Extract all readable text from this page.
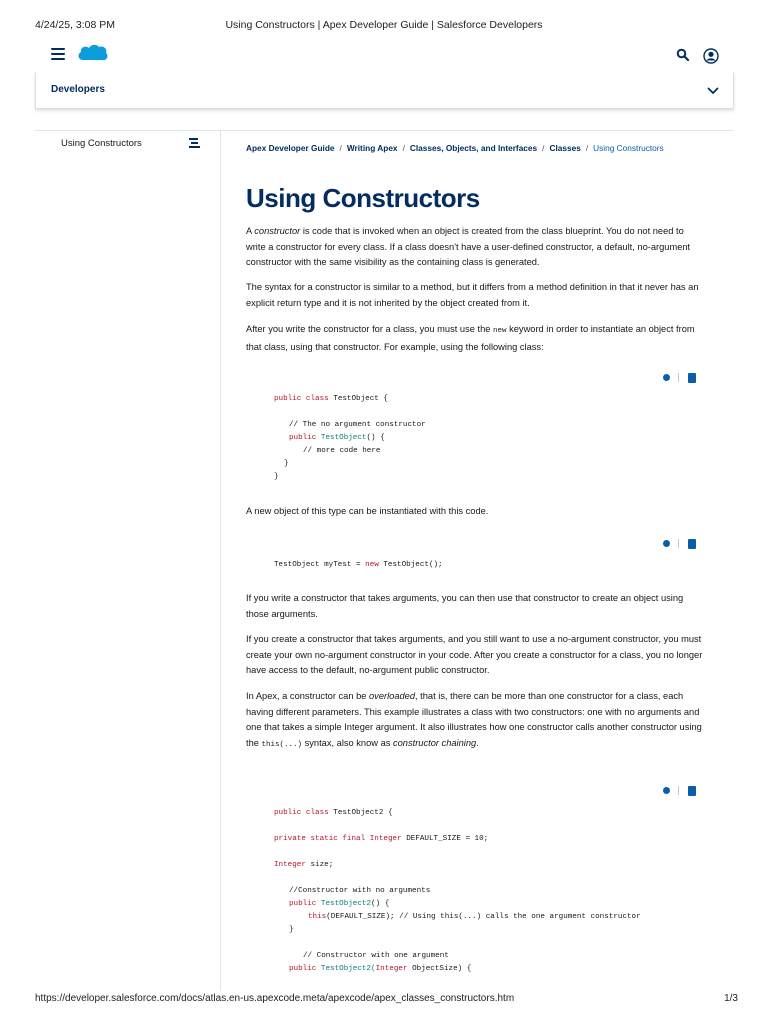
4/24/25, 3:08 PM	Using Constructors | Apex Developer Guide | Salesforce Developers
Developers
Using Constructors	Apex Developer Guide / Writing Apex / Classes, Objects, and Interfaces / Classes / Using Constructors
Using Constructors

A constructor is code that is invoked when an object is created from the class blueprint. You do not need to write a constructor for every class. If a class doesn't have a user-defined constructor, a default, no-argument constructor with the same visibility as the containing class is generated.

The syntax for a constructor is similar to a method, but it differs from a method definition in that it never has an explicit return type and it is not inherited by the object created from it.

After you write the constructor for a class, you must use the new keyword in order to instantiate an object from that class, using that constructor. For example, using the following class:

public class TestObject {
// The no argument constructor
public TestObject() {
// more code here
}
}

A new object of this type can be instantiated with this code.

TestObject myTest = new TestObject();

If you write a constructor that takes arguments, you can then use that constructor to create an object using those arguments.

If you create a constructor that takes arguments, and you still want to use a no-argument constructor, you must create your own no-argument constructor in your code. After you create a constructor for a class, you no longer have access to the default, no-argument public constructor.

In Apex, a constructor can be overloaded, that is, there can be more than one constructor for a class, each having different parameters. This example illustrates a class with two constructors: one with no arguments and one that takes a simple Integer argument. It also illustrates how one constructor calls another constructor using the this(...) syntax, also know as constructor chaining.

public class TestObject2 {
private static final Integer DEFAULT_SIZE = 10;
Integer size;
//Constructor with no arguments
public TestObject2() {
this(DEFAULT_SIZE); // Using this(...) calls the one argument constructor
}
// Constructor with one argument
public TestObject2(Integer ObjectSize) {
https://developer.salesforce.com/docs/atlas.en-us.apexcode.meta/apexcode/apex_classes_constructors.htm	1/3
